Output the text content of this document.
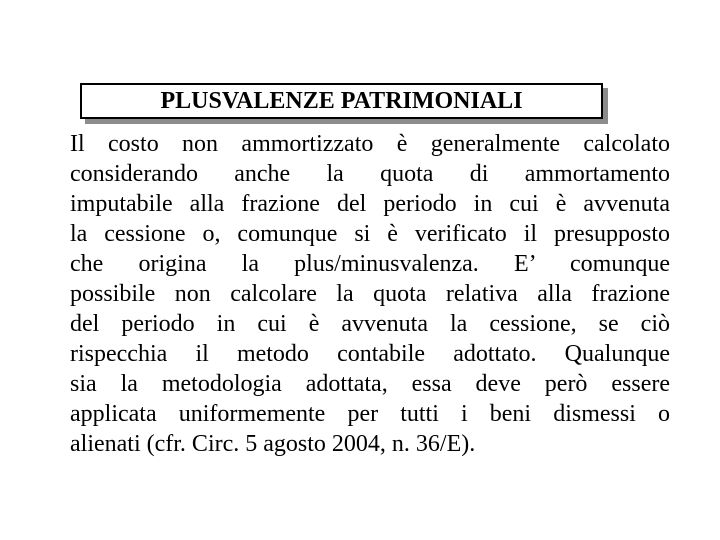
PLUSVALENZE PATRIMONIALI
Il costo non ammortizzato è generalmente calcolato
considerando anche la quota di ammortamento
imputabile alla frazione del periodo in cui è avvenuta
la cessione o, comunque si è verificato il presupposto
che origina la plus/minusvalenza. E’ comunque
possibile non calcolare la quota relativa alla frazione
del periodo in cui è avvenuta la cessione, se ciò
rispecchia il metodo contabile adottato. Qualunque
sia la metodologia adottata, essa deve però essere
applicata uniformemente per tutti i beni dismessi o
alienati (cfr. Circ. 5 agosto 2004, n. 36/E).
